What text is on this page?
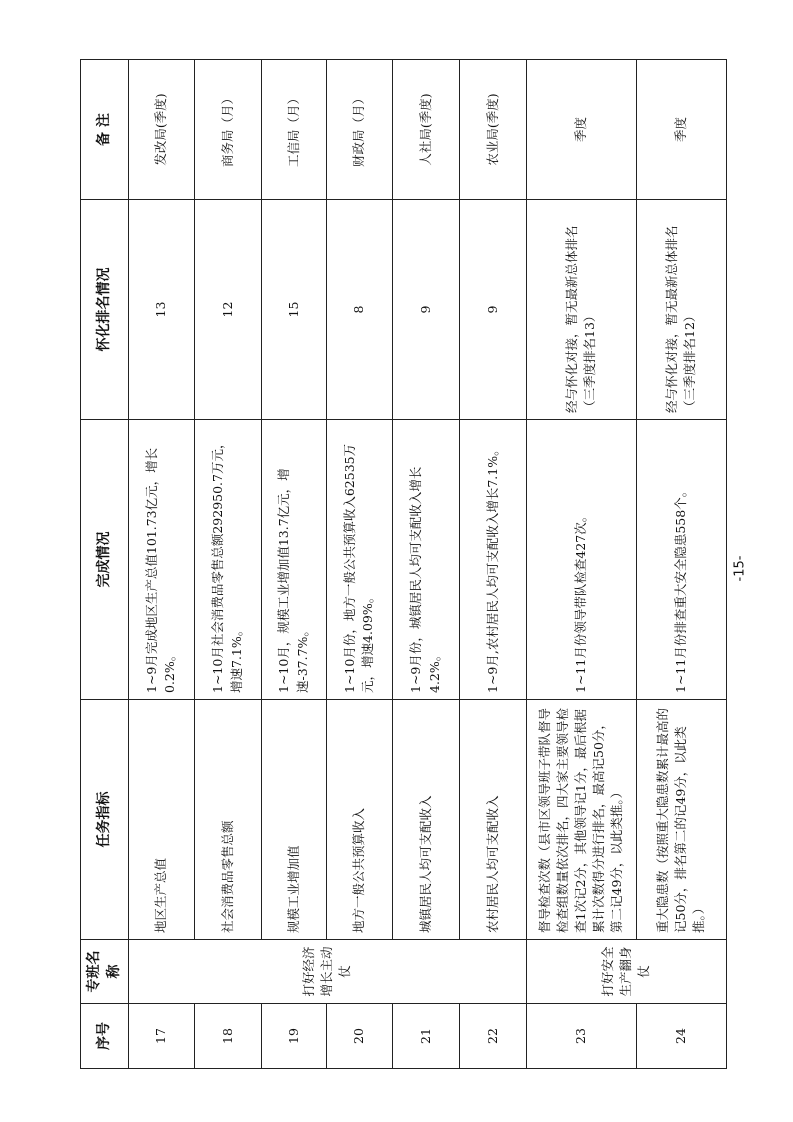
序号	专班名称	任务指标	完成情况	怀化排名情况	备 注
17	打好经济增长主动仗	地区生产总值	1~9月完成地区生产总值101.73亿元，增长0.2%。	13	发改局(季度)
18		社会消费品零售总额	1~10月社会消费品零售总额292950.7万元，增速7.1%。	12	商务局（月）
19		规模工业增加值	1~10月，规模工业增加值13.7亿元，增速-37.7%。	15	工信局（月）
20		地方一般公共预算收入	1~10月份，地方一般公共预算收入62535万元，增速4.09%。	8	财政局（月）
21		城镇居民人均可支配收入	1~9月份，城镇居民人均可支配收入增长4.2%。	9	人社局(季度)
22		农村居民人均可支配收入	1~9月,农村居民人均可支配收入增长7.1%。	9	农业局(季度)
23	打好安全生产翻身仗	督导检查次数（县市区领导班子带队督导检查组数量依次排名，四大家主要领导检查1次记2分，其他领导记1分，最后根据累计次数得分进行排名，最高记50分，第二记49分，以此类推。）	1~11月份领导带队检查427次。	经与怀化对接，暂无最新总体排名（三季度排名13）	季度
24		重大隐患数（按照重大隐患数累计最高的记50分，排名第二的记49分，以此类推。）	1~11月份排查重大安全隐患558个。	经与怀化对接，暂无最新总体排名（三季度排名12）	季度
-15-
